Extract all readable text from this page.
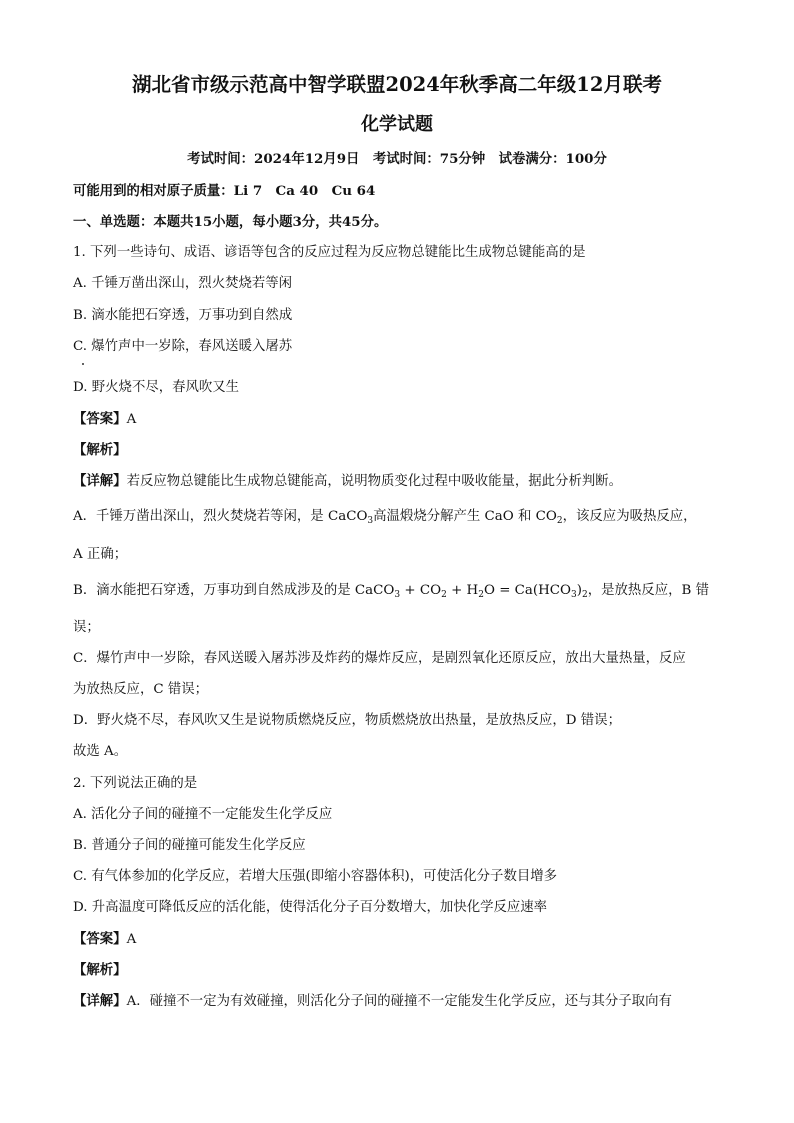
湖北省市级示范高中智学联盟2024年秋季高二年级12月联考
化学试题
考试时间：2024年12月9日　考试时间：75分钟　试卷满分：100分
可能用到的相对原子质量：Li 7　Ca 40　Cu 64
一、单选题：本题共15小题，每小题3分，共45分。
1. 下列一些诗句、成语、谚语等包含的反应过程为反应物总键能比生成物总键能高的是
A. 千锤万凿出深山，烈火焚烧若等闲
B. 滴水能把石穿透，万事功到自然成
C. 爆竹声中一岁除，春风送暖入屠苏
D. 野火烧不尽，春风吹又生
【答案】A
【解析】
【详解】若反应物总键能比生成物总键能高，说明物质变化过程中吸收能量，据此分析判断。
A．千锤万凿出深山，烈火焚烧若等闲，是 CaCO$_3$高温煅烧分解产生 CaO 和 $CO_2$，该反应为吸热反应，
A 正确；
B．滴水能把石穿透，万事功到自然成涉及的是 CaCO$_3$ + $CO_2 + H_2O = Ca(HCO_3)_2$，是放热反应，B 错
误；
C．爆竹声中一岁除，春风送暖入屠苏涉及炸药的爆炸反应，是剧烈氧化还原反应，放出大量热量，反应
为放热反应，C 错误；
D．野火烧不尽，春风吹又生是说物质燃烧反应，物质燃烧放出热量，是放热反应，D 错误；
故选 A。
2. 下列说法正确的是
A. 活化分子间的碰撞不一定能发生化学反应
B. 普通分子间的碰撞可能发生化学反应
C. 有气体参加的化学反应，若增大压强(即缩小容器体积)，可使活化分子数目增多
D. 升高温度可降低反应的活化能，使得活化分子百分数增大，加快化学反应速率
【答案】A
【解析】
【详解】A．碰撞不一定为有效碰撞，则活化分子间的碰撞不一定能发生化学反应，还与其分子取向有
